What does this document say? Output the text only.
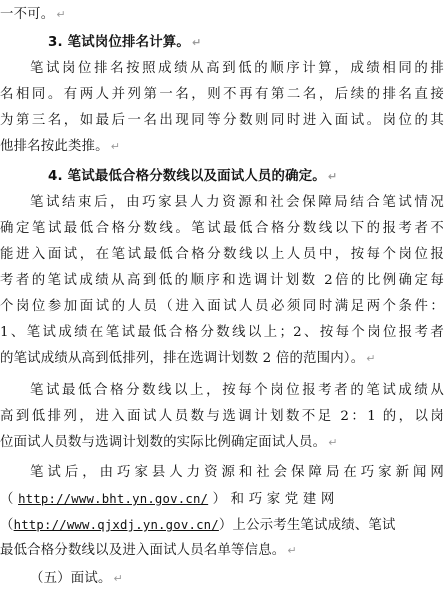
一不可。 ↵
3. 笔试岗位排名计算。 ↵
笔试岗位排名按照成绩从高到低的顺序计算，成绩相同的排
名相同。有两人并列第一名，则不再有第二名，后续的排名直接
为第三名，如最后一名出现同等分数则同时进入面试。岗位的其
他排名按此类推。 ↵
4. 笔试最低合格分数线以及面试人员的确定。 ↵
笔试结束后，由巧家县人力资源和社会保障局结合笔试情况
确定笔试最低合格分数线。笔试最低合格分数线以下的报考者不
能进入面试，在笔试最低合格分数线以上人员中，按每个岗位报
考者的笔试成绩从高到低的顺序和选调计划数 2倍的比例确定每
个岗位参加面试的人员（进入面试人员必须同时满足两个条件：
1、笔试成绩在笔试最低合格分数线以上；2、按每个岗位报考者
的笔试成绩从高到低排列，排在选调计划数 2 倍的范围内）。 ↵
笔试最低合格分数线以上，按每个岗位报考者的笔试成绩从
高到低排列，进入面试人员数与选调计划数不足 2：1 的，以岗
位面试人员数与选调计划数的实际比例确定面试人员。 ↵
笔试后，由巧家县人力资源和社会保障局在巧家新闻网
（ http://www.bht.yn.gov.cn/ ） 和 巧 家 党 建 网
（http://www.qjxdj.yn.gov.cn/）上公示考生笔试成绩、笔试
最低合格分数线以及进入面试人员名单等信息。 ↵
（五）面试。 ↵
